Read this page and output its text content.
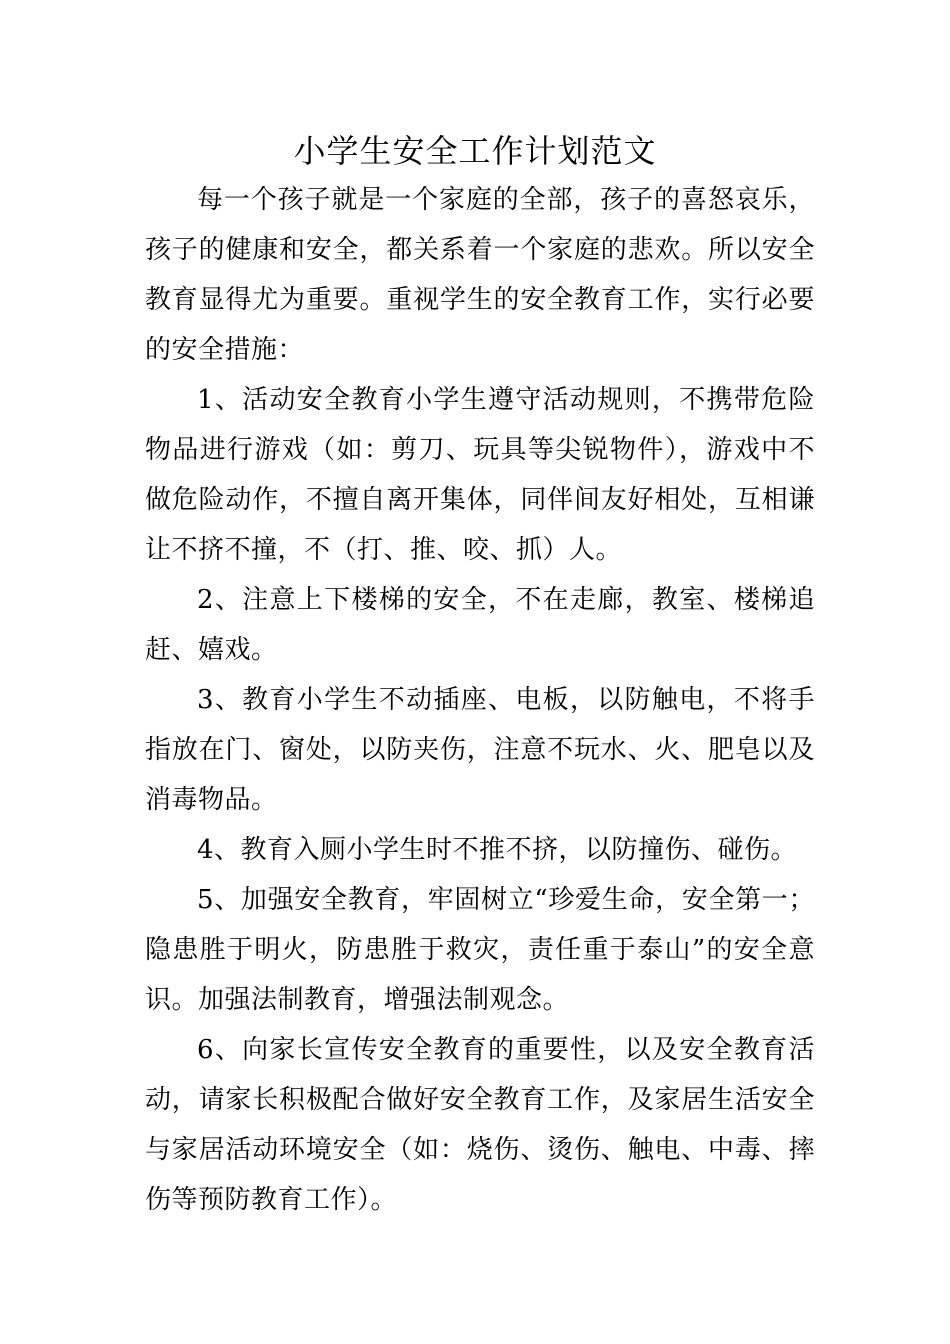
小学生安全工作计划范文

每一个孩子就是一个家庭的全部，孩子的喜怒哀乐，孩子的健康和安全，都关系着一个家庭的悲欢。所以安全教育显得尤为重要。重视学生的安全教育工作，实行必要的安全措施：

1、活动安全教育小学生遵守活动规则，不携带危险物品进行游戏（如：剪刀、玩具等尖锐物件），游戏中不做危险动作，不擅自离开集体，同伴间友好相处，互相谦让不挤不撞，不（打、推、咬、抓）人。

2、注意上下楼梯的安全，不在走廊，教室、楼梯追赶、嬉戏。

3、教育小学生不动插座、电板，以防触电，不将手指放在门、窗处，以防夹伤，注意不玩水、火、肥皂以及消毒物品。

4、教育入厕小学生时不推不挤，以防撞伤、碰伤。

5、加强安全教育，牢固树立“珍爱生命，安全第一；隐患胜于明火，防患胜于救灾，责任重于泰山”的安全意识。加强法制教育，增强法制观念。

6、向家长宣传安全教育的重要性，以及安全教育活动，请家长积极配合做好安全教育工作，及家居生活安全与家居活动环境安全（如：烧伤、烫伤、触电、中毒、摔伤等预防教育工作）。
